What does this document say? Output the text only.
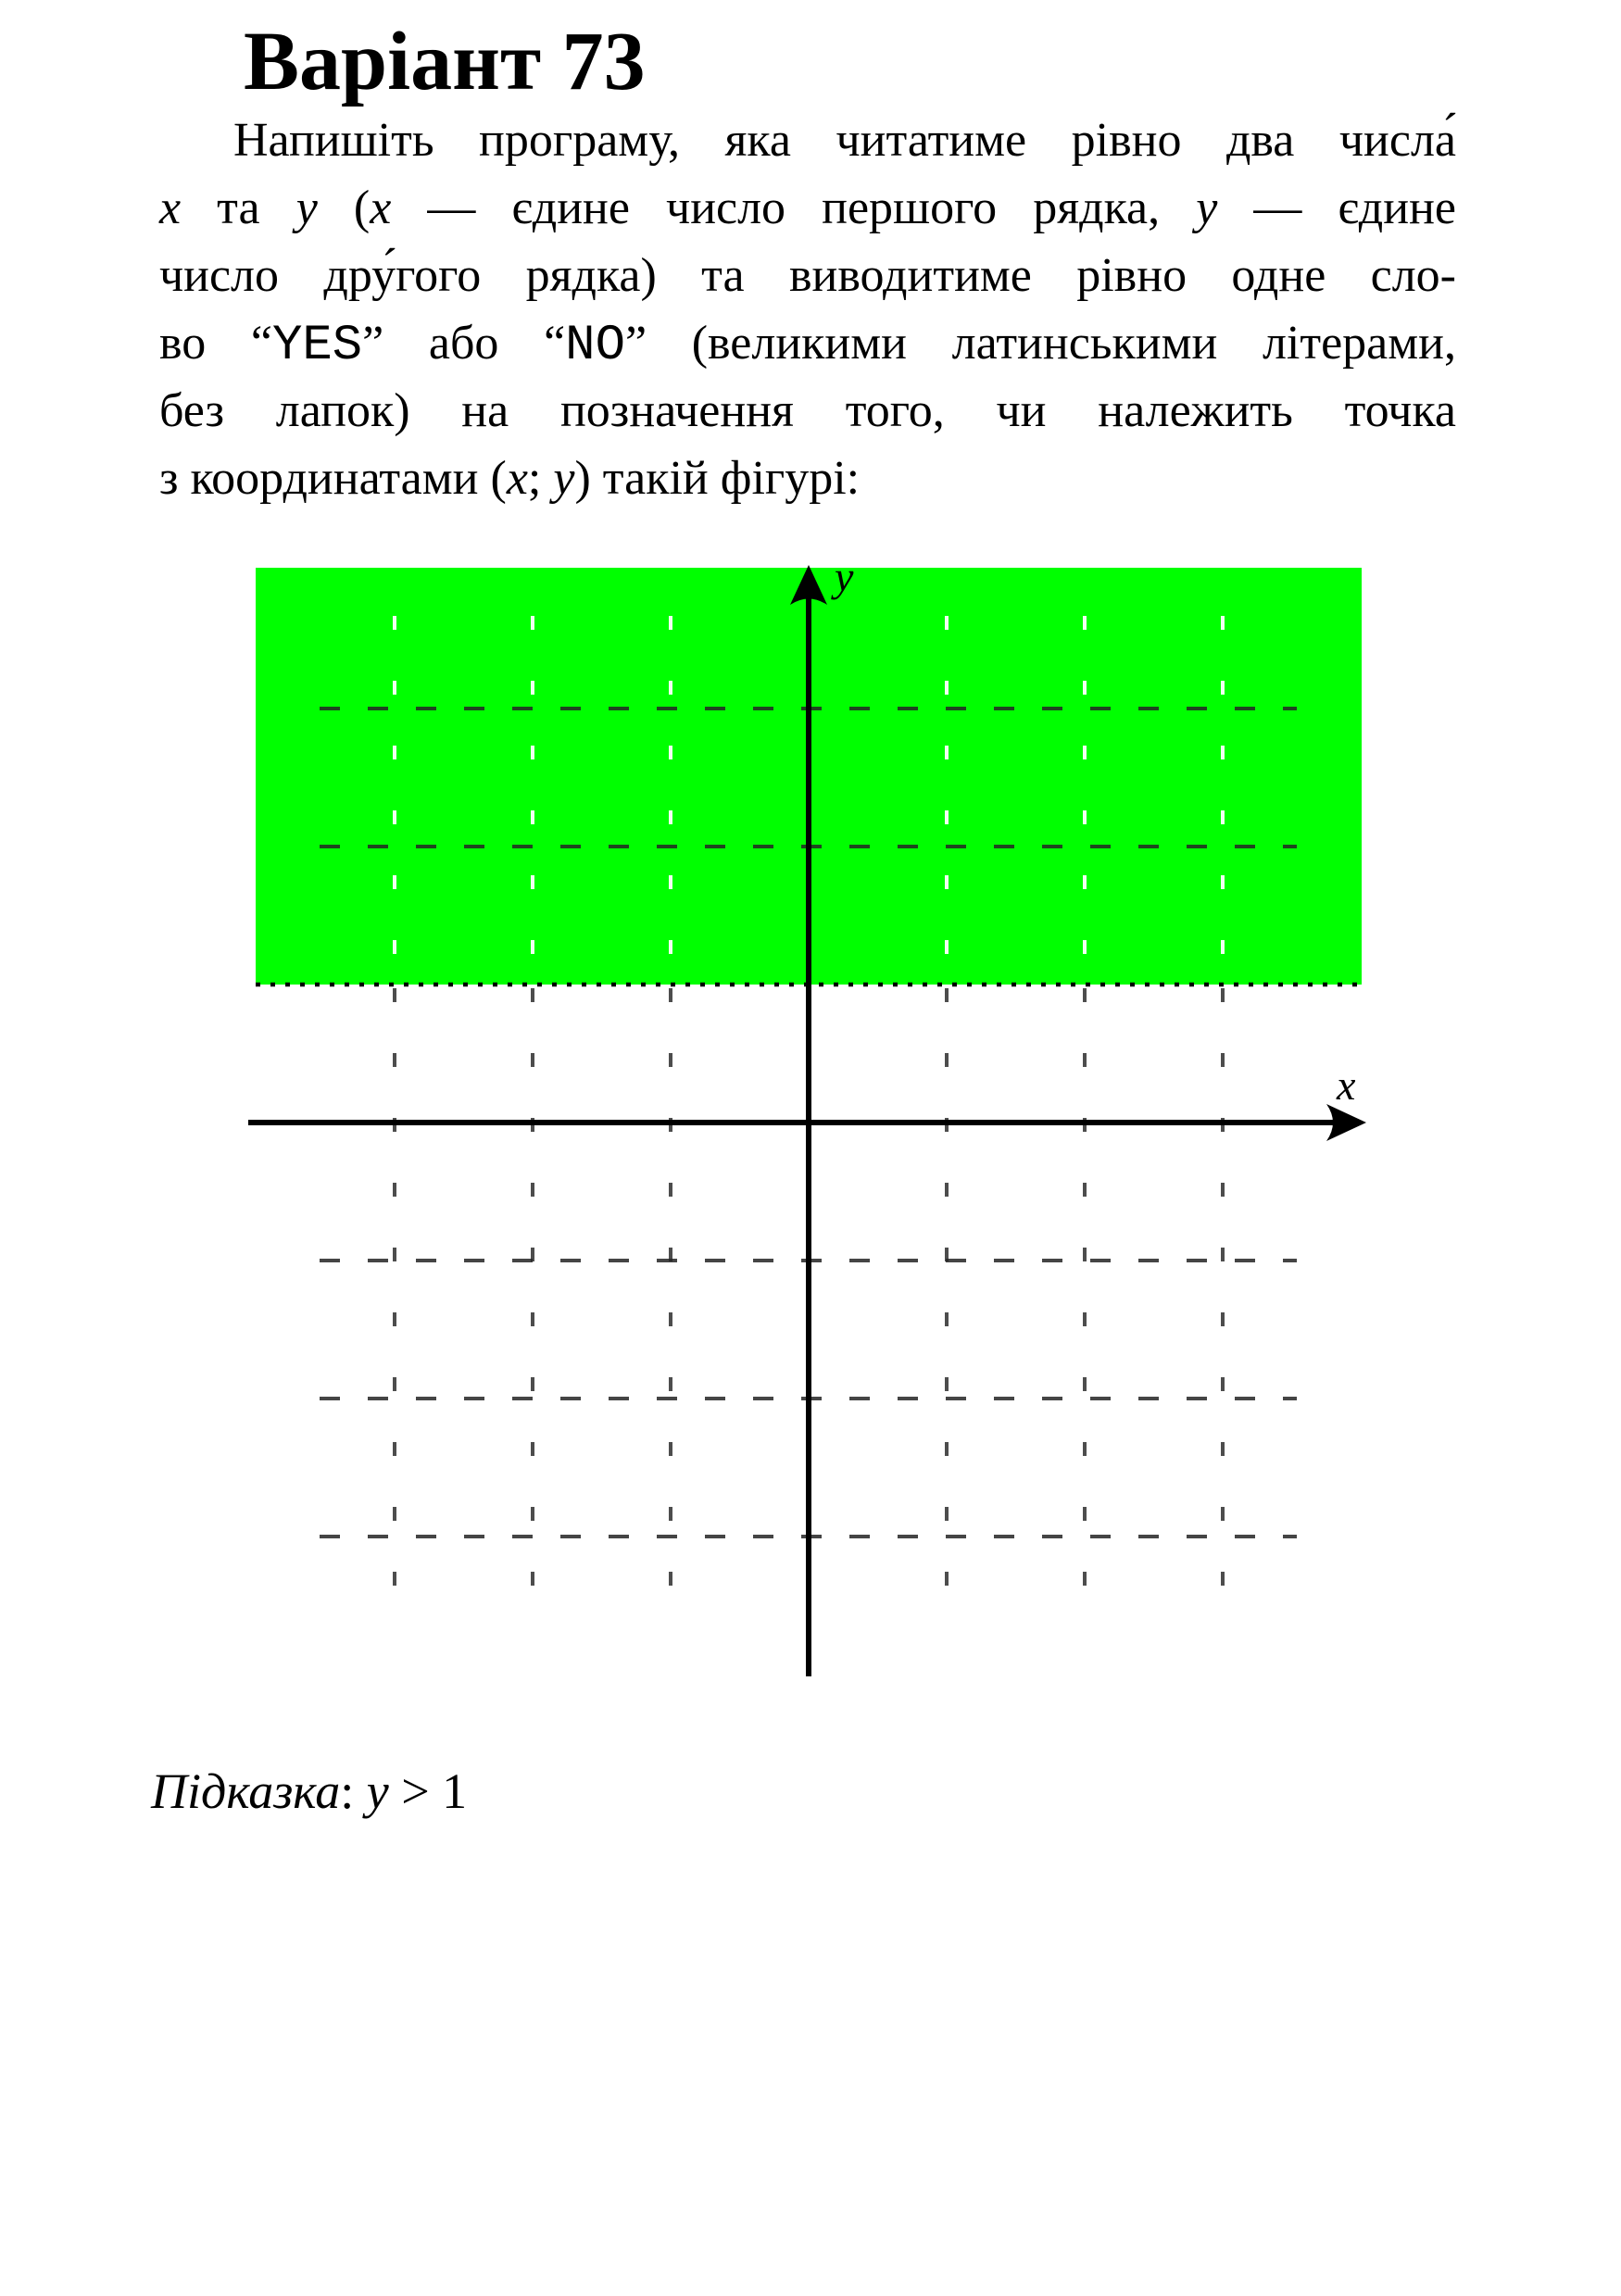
Варіант 73
Напишіть програму, яка читатиме рівно два числа́
x та y (x — єдине число першого рядка, y — єдине
число дру́гого рядка) та виводитиме рівно одне сло-
во “YES” або “NO” (великими латинськими літерами,
без лапок) на позначення того, чи належить точка
з координатами (x; y) такій фігурі:
y
x
Підказка: y > 1
